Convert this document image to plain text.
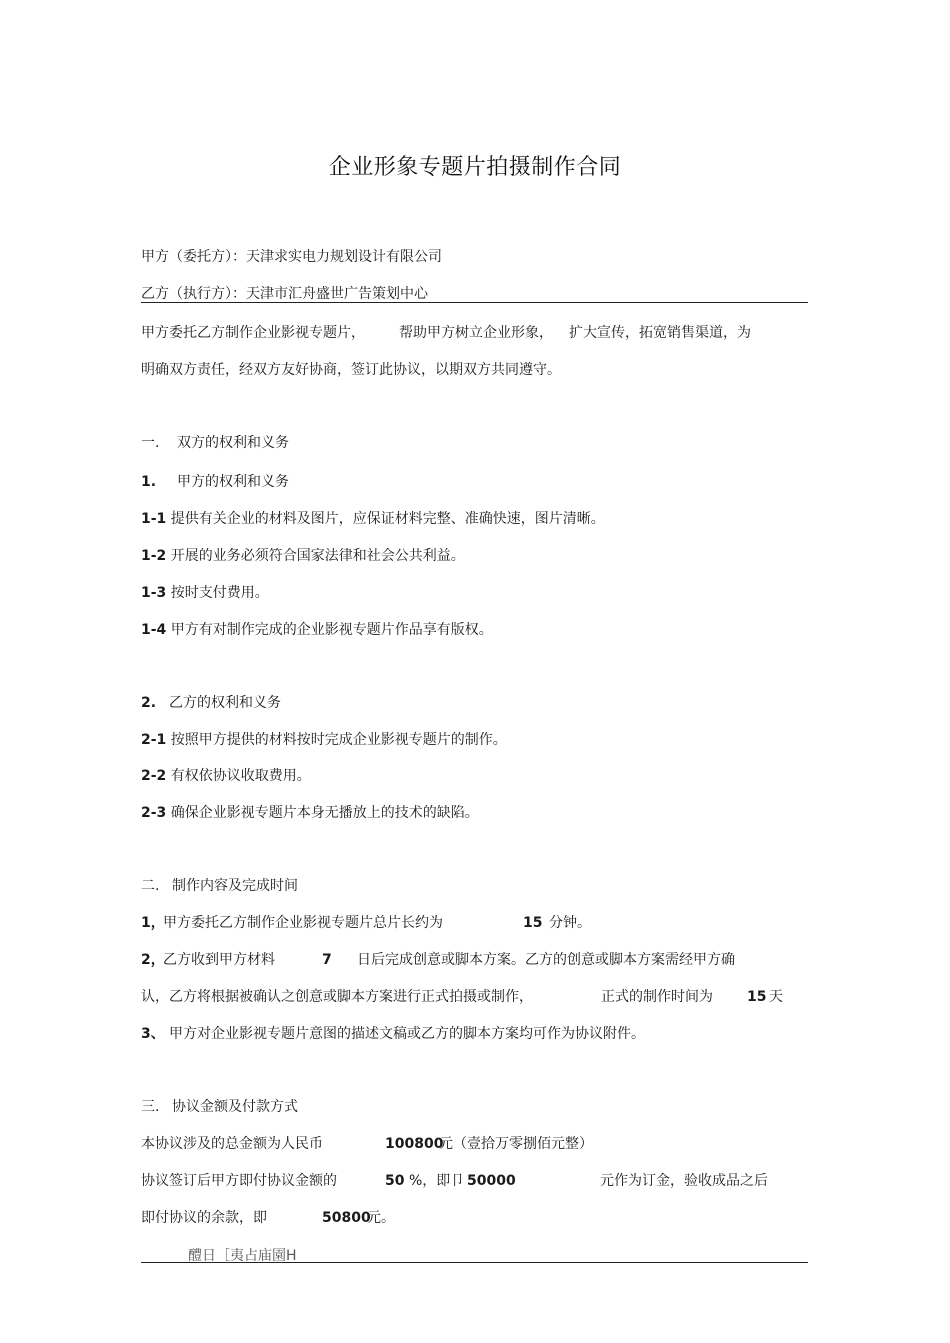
企业形象专题片拍摄制作合同
甲方（委托方）：天津求实电力规划设计有限公司
乙方（执行方）：天津市汇舟盛世广告策划中心
甲方委托乙方制作企业影视专题片， 帮助甲方树立企业形象， 扩大宣传，拓宽销售渠道，为
明确双方责任，经双方友好协商，签订此协议，以期双方共同遵守。
一. 双方的权利和义务
1. 甲方的权利和义务
1-1 提供有关企业的材料及图片，应保证材料完整、准确快速，图片清晰。
1-2 开展的业务必须符合国家法律和社会公共利益。
1-3 按时支付费用。
1-4 甲方有对制作完成的企业影视专题片作品享有版权。
2. 乙方的权利和义务
2-1 按照甲方提供的材料按时完成企业影视专题片的制作。
2-2 有权依协议收取费用。
2-3 确保企业影视专题片本身无播放上的技术的缺陷。
二. 制作内容及完成时间
1，
甲方委托乙方制作企业影视专题片总片长约为	15 分钟。
2，
乙方收到甲方材料	7 日后完成创意或脚本方案。乙方的创意或脚本方案需经甲方确
认，乙方将根据被确认之创意或脚本方案进行正式拍摄或制作，	正式的制作时间为 15 天
3、 甲方对企业影视专题片意图的描述文稿或乙方的脚本方案均可作为协议附件。
三. 协议金额及付款方式
本协议涉及的总金额为人民币	100800
元（壹拾万零捌佰元整）
协议签订后甲方即付协议金额的	50 %，即卩 50000	元作为订金，验收成品之后
即付协议的余款，即	50800
元。
醴日［夷占庙園H
